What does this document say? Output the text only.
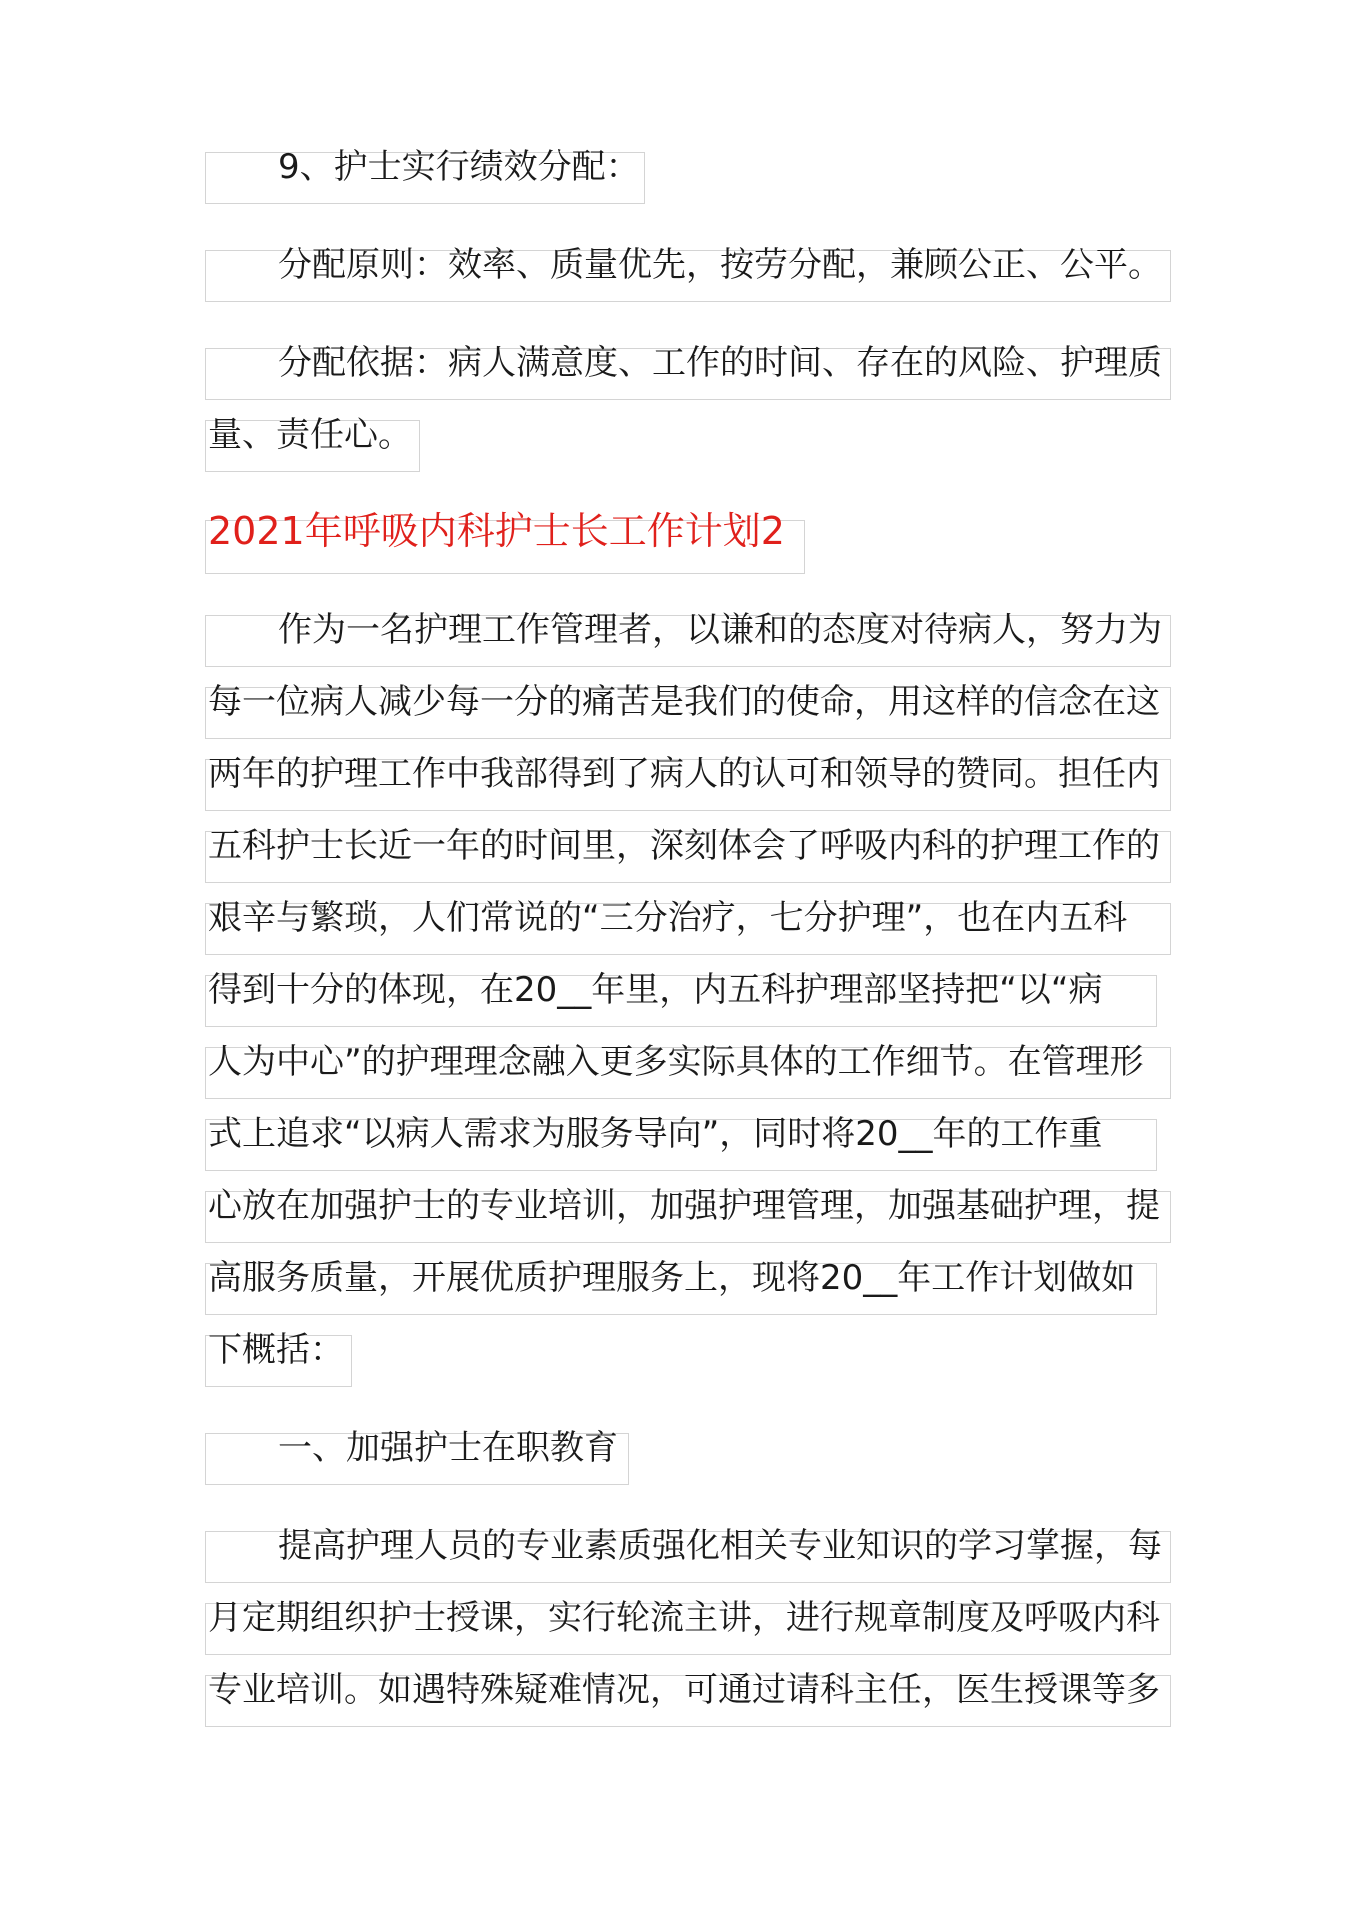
9、护士实行绩效分配：
分配原则：效率、质量优先，按劳分配，兼顾公正、公平。
分配依据：病人满意度、工作的时间、存在的风险、护理质
量、责任心。
2021年呼吸内科护士长工作计划2
作为一名护理工作管理者，以谦和的态度对待病人，努力为
每一位病人减少每一分的痛苦是我们的使命，用这样的信念在这
两年的护理工作中我部得到了病人的认可和领导的赞同。担任内
五科护士长近一年的时间里，深刻体会了呼吸内科的护理工作的
艰辛与繁琐，人们常说的“三分治疗，七分护理”，也在内五科
得到十分的体现，在20__年里，内五科护理部坚持把“以“病
人为中心”的护理理念融入更多实际具体的工作细节。在管理形
式上追求“以病人需求为服务导向”，同时将20__年的工作重
心放在加强护士的专业培训，加强护理管理，加强基础护理，提
高服务质量，开展优质护理服务上，现将20__年工作计划做如
下概括：
一、加强护士在职教育
提高护理人员的专业素质强化相关专业知识的学习掌握，每
月定期组织护士授课，实行轮流主讲，进行规章制度及呼吸内科
专业培训。如遇特殊疑难情况，可通过请科主任，医生授课等多
